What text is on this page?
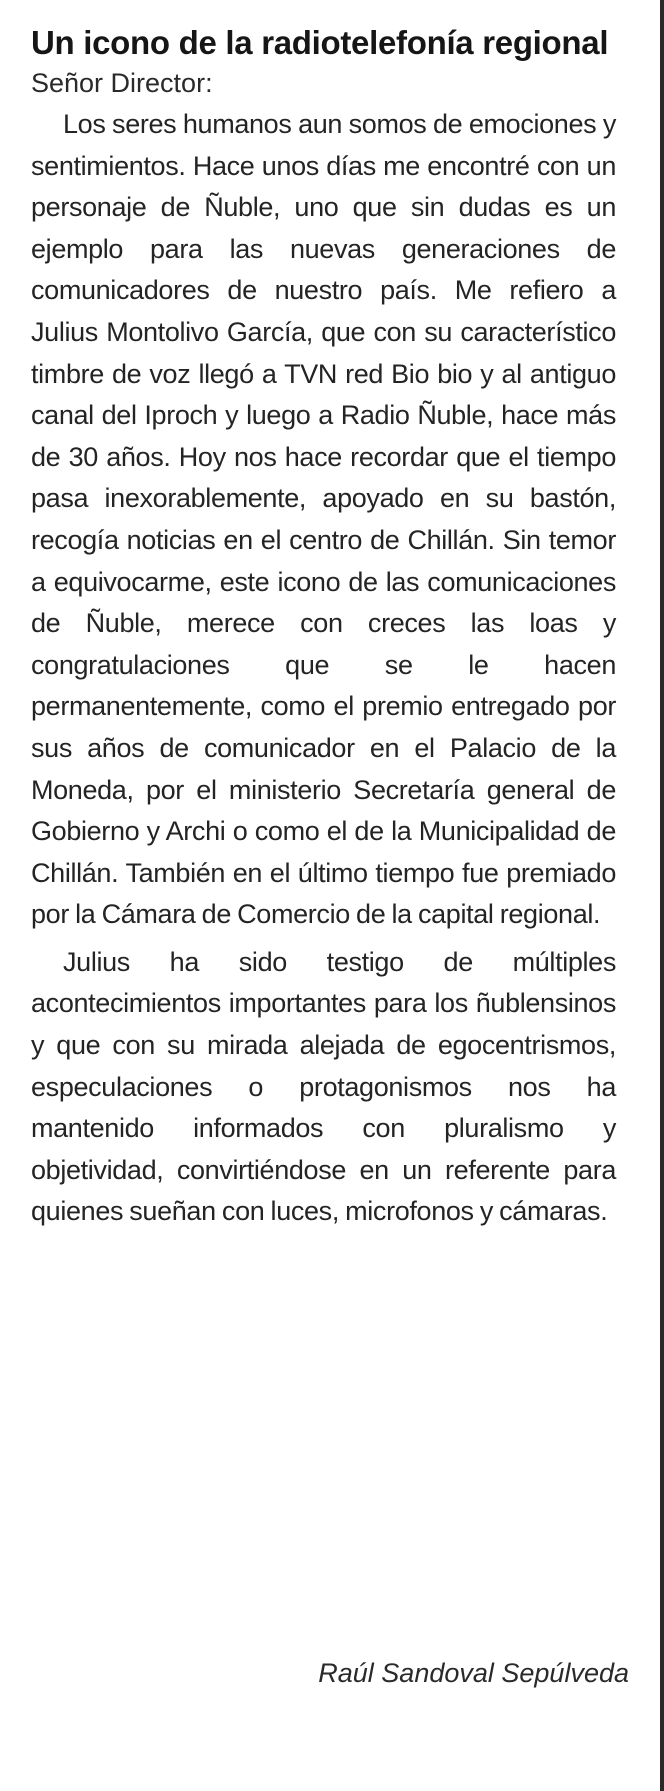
Un icono de la radiotelefonía regional

Señor Director:

Los seres humanos aun somos de emociones y sentimientos. Hace unos días me encontré con un personaje de Ñuble, uno que sin dudas es un ejemplo para las nuevas generaciones de comunicadores de nuestro país. Me refiero a Julius Montolivo García, que con su característico timbre de voz llegó a TVN red Bio bio y al antiguo canal del Iproch y luego a Radio Ñuble, hace más de 30 años. Hoy nos hace recordar que el tiempo pasa inexorablemente, apoyado en su bastón, recogía noticias en el centro de Chillán. Sin temor a equivocarme, este icono de las comunicaciones de Ñuble, merece con creces las loas y congratulaciones que se le hacen permanentemente, como el premio entregado por sus años de comunicador en el Palacio de la Moneda, por el ministerio Secretaría general de Gobierno y Archi o como el de la Municipalidad de Chillán. También en el último tiempo fue premiado por la Cámara de Comercio de la capital regional.

Julius ha sido testigo de múltiples acontecimientos importantes para los ñublensinos y que con su mirada alejada de egocentrismos, especulaciones o protagonismos nos ha mantenido informados con pluralismo y objetividad, convirtiéndose en un referente para quienes sueñan con luces, microfonos y cámaras.

Raúl Sandoval Sepúlveda
